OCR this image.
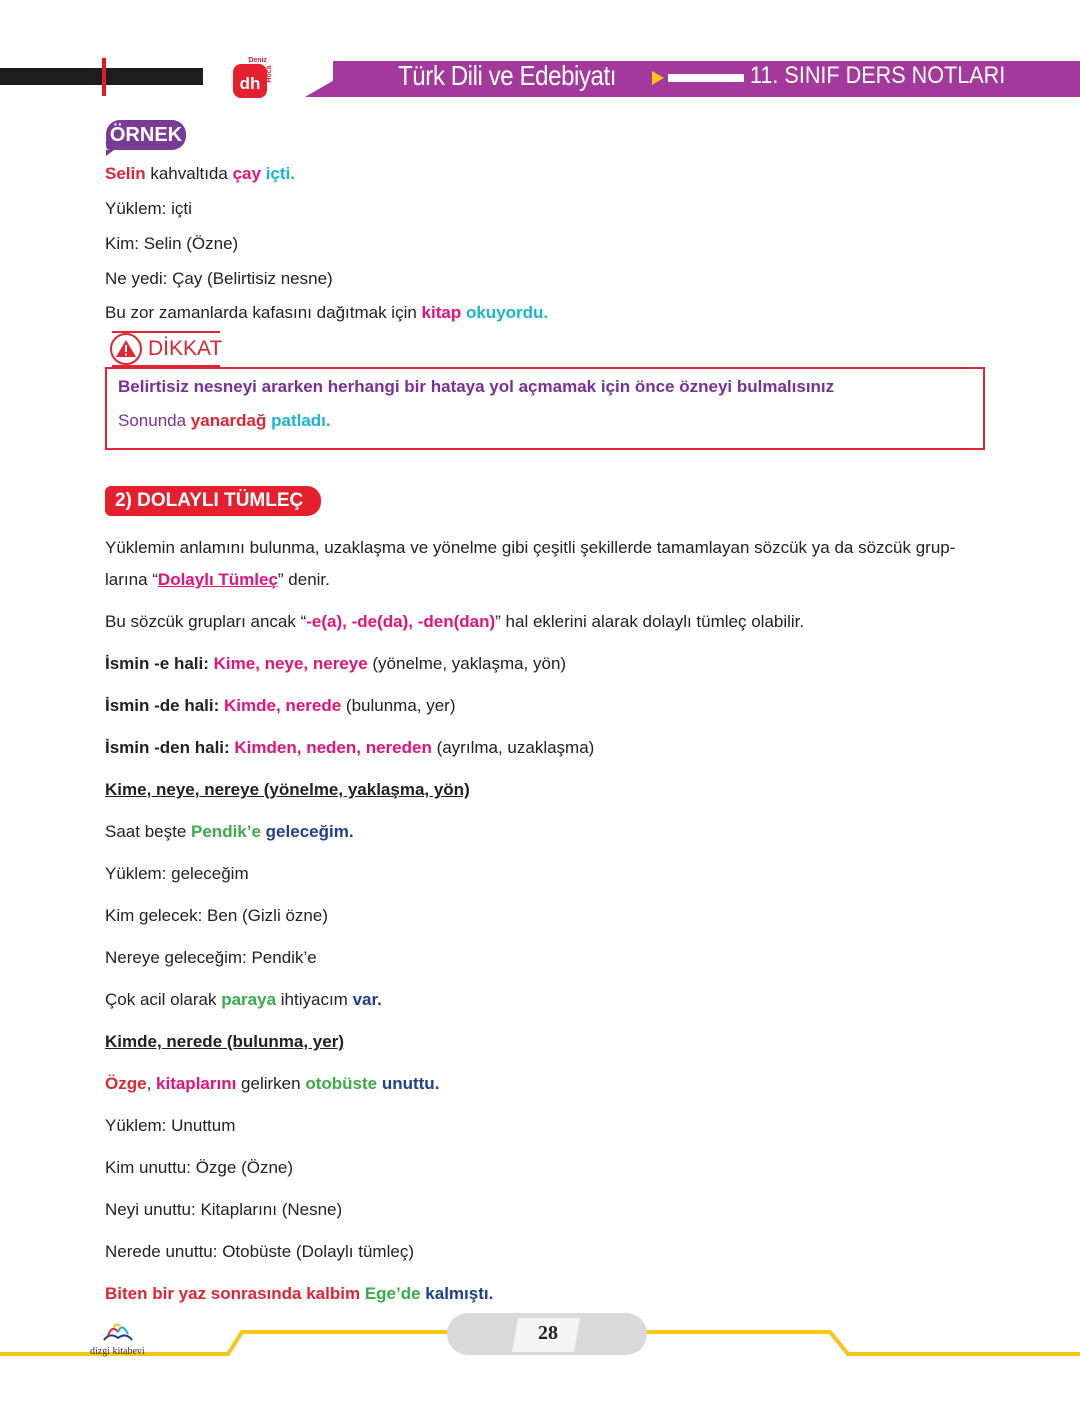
dh
Deniz
Hoca	Türk Dili ve Edebiyatı	11. SINIF DERS NOTLARI
ÖRNEK
Selin kahvaltıda çay içti.
Yüklem: içti
Kim: Selin (Özne)
Ne yedi: Çay (Belirtisiz nesne)
Bu zor zamanlarda kafasını dağıtmak için kitap okuyordu.
DİKKAT
Belirtisiz nesneyi ararken herhangi bir hataya yol açmamak için önce özneyi bulmalısınız
Sonunda yanardağ patladı.
2) DOLAYLI TÜMLEÇ
Yüklemin anlamını bulunma, uzaklaşma ve yönelme gibi çeşitli şekillerde tamamlayan sözcük ya da sözcük grup-
larına “Dolaylı Tümleç” denir.
Bu sözcük grupları ancak “-e(a), -de(da), -den(dan)” hal eklerini alarak dolaylı tümleç olabilir.
İsmin -e hali: Kime, neye, nereye (yönelme, yaklaşma, yön)
İsmin -de hali: Kimde, nerede (bulunma, yer)
İsmin -den hali: Kimden, neden, nereden (ayrılma, uzaklaşma)
Kime, neye, nereye (yönelme, yaklaşma, yön)
Saat beşte Pendik’e geleceğim.
Yüklem: geleceğim
Kim gelecek: Ben (Gizli özne)
Nereye geleceğim: Pendik’e
Çok acil olarak paraya ihtiyacım var.
Kimde, nerede (bulunma, yer)
Özge, kitaplarını gelirken otobüste unuttu.
Yüklem: Unuttum
Kim unuttu: Özge (Özne)
Neyi unuttu: Kitaplarını (Nesne)
Nerede unuttu: Otobüste (Dolaylı tümleç)
Biten bir yaz sonrasında kalbim Ege’de kalmıştı.
28
dizgi kitabevi
